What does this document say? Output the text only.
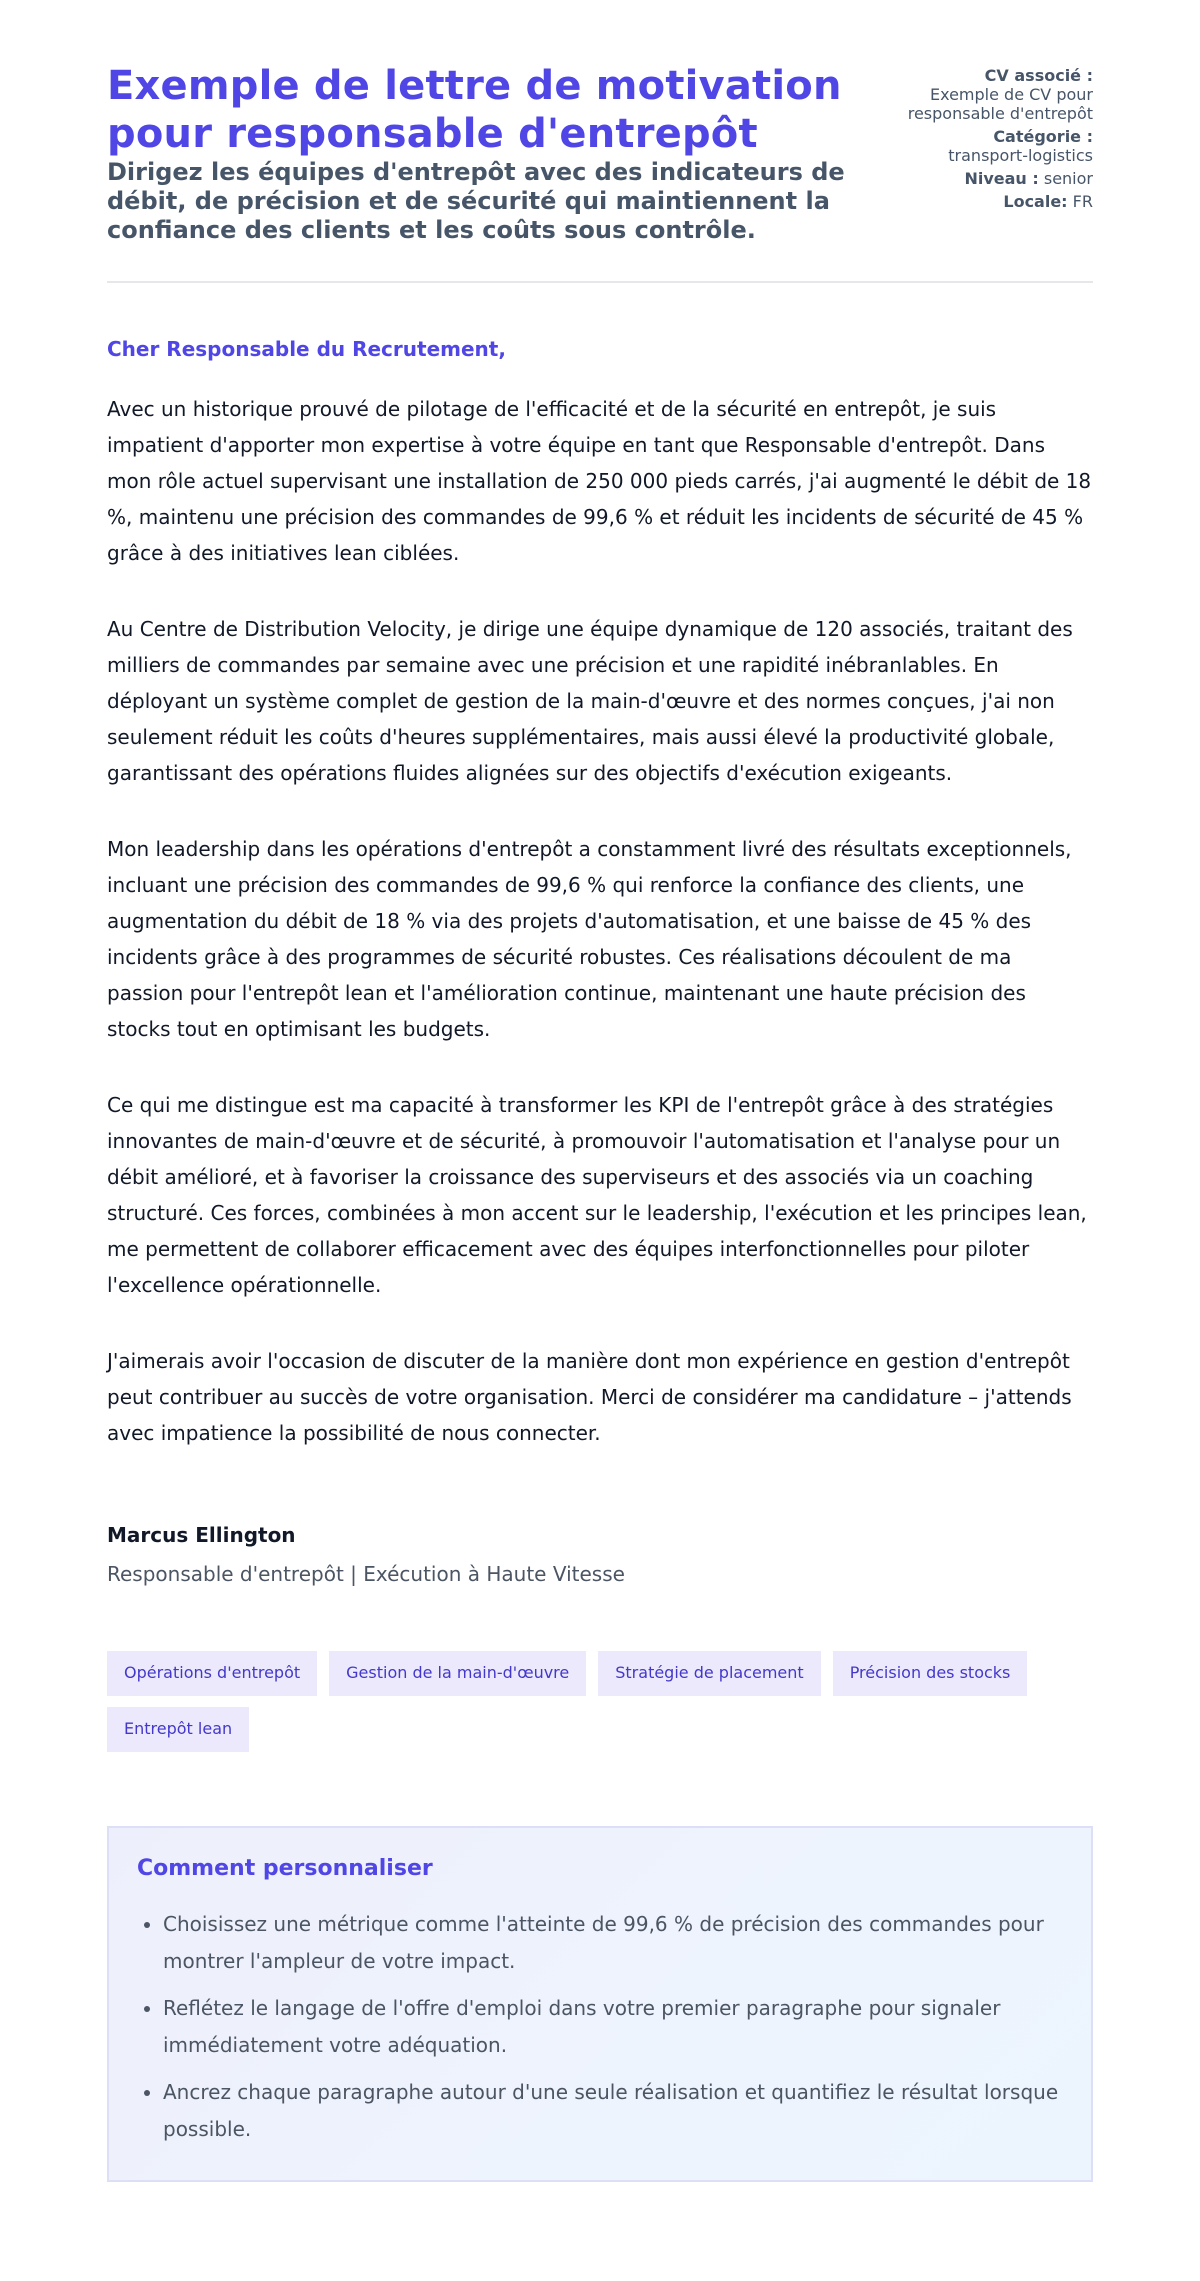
Exemple de lettre de motivation pour responsable d'entrepôt

Dirigez les équipes d'entrepôt avec des indicateurs de débit, de précision et de sécurité qui maintiennent la confiance des clients et les coûts sous contrôle.

CV associé :
Exemple de CV pour responsable d'entrepôt
Catégorie :
transport-logistics
Niveau : senior
Locale: FR

Cher Responsable du Recrutement,

Avec un historique prouvé de pilotage de l'efficacité et de la sécurité en entrepôt, je suis impatient d'apporter mon expertise à votre équipe en tant que Responsable d'entrepôt. Dans mon rôle actuel supervisant une installation de 250 000 pieds carrés, j'ai augmenté le débit de 18 %, maintenu une précision des commandes de 99,6 % et réduit les incidents de sécurité de 45 % grâce à des initiatives lean ciblées.

Au Centre de Distribution Velocity, je dirige une équipe dynamique de 120 associés, traitant des milliers de commandes par semaine avec une précision et une rapidité inébranlables. En déployant un système complet de gestion de la main-d'œuvre et des normes conçues, j'ai non seulement réduit les coûts d'heures supplémentaires, mais aussi élevé la productivité globale, garantissant des opérations fluides alignées sur des objectifs d'exécution exigeants.

Mon leadership dans les opérations d'entrepôt a constamment livré des résultats exceptionnels, incluant une précision des commandes de 99,6 % qui renforce la confiance des clients, une augmentation du débit de 18 % via des projets d'automatisation, et une baisse de 45 % des incidents grâce à des programmes de sécurité robustes. Ces réalisations découlent de ma passion pour l'entrepôt lean et l'amélioration continue, maintenant une haute précision des stocks tout en optimisant les budgets.

Ce qui me distingue est ma capacité à transformer les KPI de l'entrepôt grâce à des stratégies innovantes de main-d'œuvre et de sécurité, à promouvoir l'automatisation et l'analyse pour un débit amélioré, et à favoriser la croissance des superviseurs et des associés via un coaching structuré. Ces forces, combinées à mon accent sur le leadership, l'exécution et les principes lean, me permettent de collaborer efficacement avec des équipes interfonctionnelles pour piloter l'excellence opérationnelle.

J'aimerais avoir l'occasion de discuter de la manière dont mon expérience en gestion d'entrepôt peut contribuer au succès de votre organisation. Merci de considérer ma candidature – j'attends avec impatience la possibilité de nous connecter.

Marcus Ellington
Responsable d'entrepôt | Exécution à Haute Vitesse
Opérations d'entrepôt	Gestion de la main-d'œuvre	Stratégie de placement	Précision des stocks
Entrepôt lean
Comment personnaliser
• Choisissez une métrique comme l'atteinte de 99,6 % de précision des commandes pour montrer l'ampleur de votre impact.
• Reflétez le langage de l'offre d'emploi dans votre premier paragraphe pour signaler immédiatement votre adéquation.
• Ancrez chaque paragraphe autour d'une seule réalisation et quantifiez le résultat lorsque possible.
